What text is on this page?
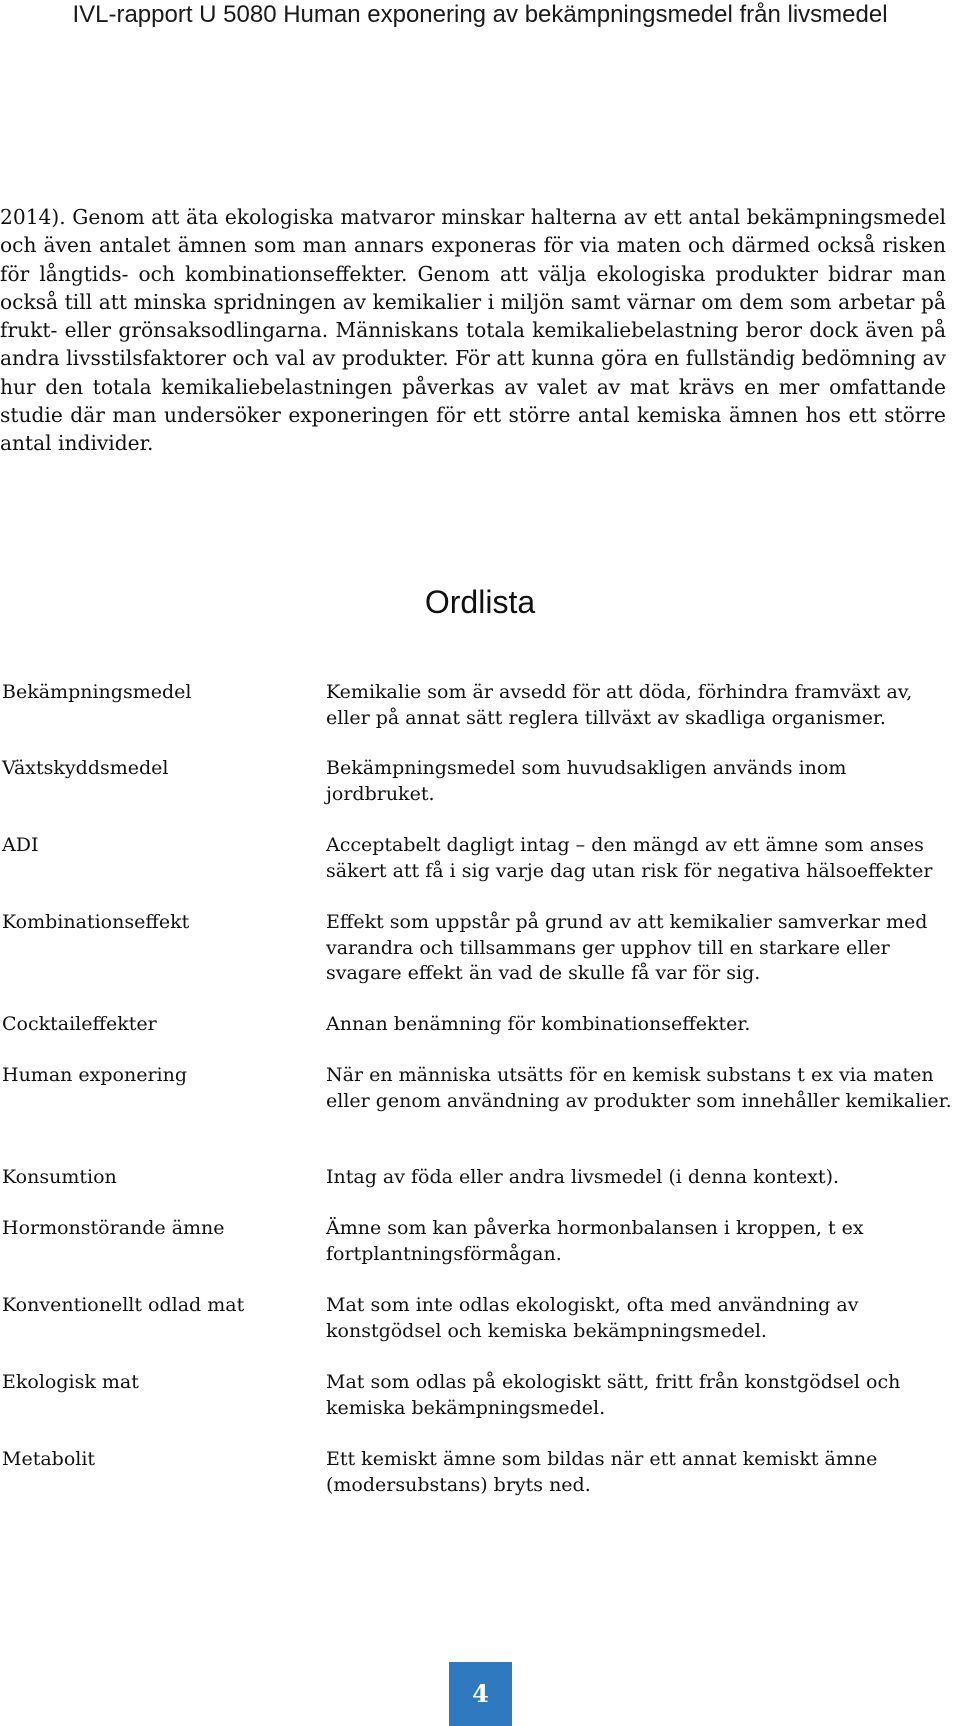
IVL-rapport U 5080 Human exponering av bekämpningsmedel från livsmedel

2014). Genom att äta ekologiska matvaror minskar halterna av ett antal bekämpningsmedel och även antalet ämnen som man annars exponeras för via maten och därmed också risken för långtids- och kombinationseffekter. Genom att välja ekologiska produkter bidrar man också till att minska spridningen av kemikalier i miljön samt värnar om dem som arbetar på frukt- eller grönsaksodlingarna. Människans totala kemikaliebelastning beror dock även på andra livsstilsfaktorer och val av produkter. För att kunna göra en fullständig bedömning av hur den totala kemikaliebelastningen påverkas av valet av mat krävs en mer omfattande studie där man undersöker exponeringen för ett större antal kemiska ämnen hos ett större antal individer.

Ordlista
Bekämpningsmedel	Kemikalie som är avsedd för att döda, förhindra framväxt av, eller på annat sätt reglera tillväxt av skadliga organismer.
Växtskyddsmedel	Bekämpningsmedel som huvudsakligen används inom jordbruket.
ADI	Acceptabelt dagligt intag – den mängd av ett ämne som anses säkert att få i sig varje dag utan risk för negativa hälsoeffekter
Kombinationseffekt	Effekt som uppstår på grund av att kemikalier samverkar med varandra och tillsammans ger upphov till en starkare eller svagare effekt än vad de skulle få var för sig.
Cocktaileffekter	Annan benämning för kombinationseffekter.
Human exponering	När en människa utsätts för en kemisk substans t ex via maten eller genom användning av produkter som innehåller kemikalier.
Konsumtion	Intag av föda eller andra livsmedel (i denna kontext).
Hormonstörande ämne	Ämne som kan påverka hormonbalansen i kroppen, t ex fortplantningsförmågan.
Konventionellt odlad mat	Mat som inte odlas ekologiskt, ofta med användning av konstgödsel och kemiska bekämpningsmedel.
Ekologisk mat	Mat som odlas på ekologiskt sätt, fritt från konstgödsel och kemiska bekämpningsmedel.
Metabolit	Ett kemiskt ämne som bildas när ett annat kemiskt ämne (modersubstans) bryts ned.
4
